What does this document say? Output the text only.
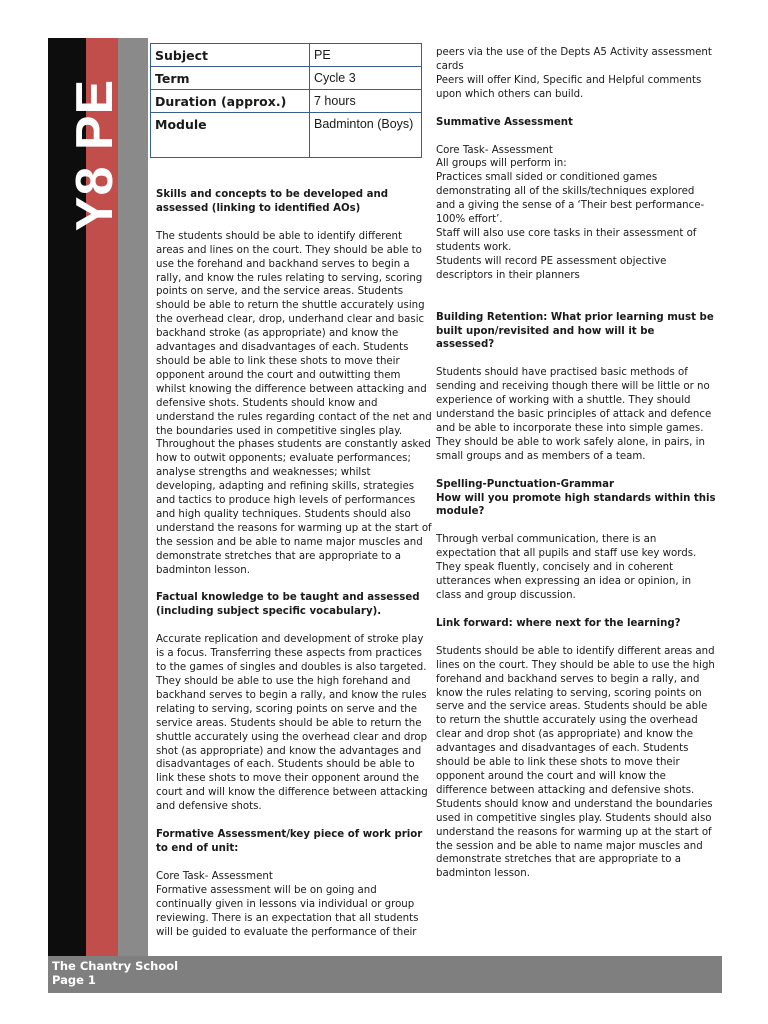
Y8 PE
Subject	PE
Term	Cycle 3
Duration (approx.)	7 hours
Module	Badminton (Boys)

Skills and concepts to be developed and assessed (linking to identified AOs)

The students should be able to identify different areas and lines on the court. They should be able to use the forehand and backhand serves to begin a rally, and know the rules relating to serving, scoring points on serve, and the service areas. Students should be able to return the shuttle accurately using the overhead clear, drop, underhand clear and basic backhand stroke (as appropriate) and know the advantages and disadvantages of each. Students should be able to link these shots to move their opponent around the court and outwitting them whilst knowing the difference between attacking and defensive shots. Students should know and understand the rules regarding contact of the net and the boundaries used in competitive singles play. Throughout the phases students are constantly asked how to outwit opponents; evaluate performances; analyse strengths and weaknesses; whilst developing, adapting and refining skills, strategies and tactics to produce high levels of performances and high quality techniques. Students should also understand the reasons for warming up at the start of the session and be able to name major muscles and demonstrate stretches that are appropriate to a badminton lesson.

Factual knowledge to be taught and assessed (including subject specific vocabulary).

Accurate replication and development of stroke play is a focus. Transferring these aspects from practices to the games of singles and doubles is also targeted. They should be able to use the high forehand and backhand serves to begin a rally, and know the rules relating to serving, scoring points on serve and the service areas. Students should be able to return the shuttle accurately using the overhead clear and drop shot (as appropriate) and know the advantages and disadvantages of each. Students should be able to link these shots to move their opponent around the court and will know the difference between attacking and defensive shots.

Formative Assessment/key piece of work prior to end of unit:

Core Task- Assessment
Formative assessment will be on going and continually given in lessons via individual or group reviewing. There is an expectation that all students will be guided to evaluate the performance of their

peers via the use of the Depts A5 Activity assessment cards
Peers will offer Kind, Specific and Helpful comments upon which others can build.

Summative Assessment

Core Task- Assessment
All groups will perform in:
Practices small sided or conditioned games demonstrating all of the skills/techniques explored and a giving the sense of a ‘Their best performance- 100% effort’.
Staff will also use core tasks in their assessment of students work.
Students will record PE assessment objective descriptors in their planners

Building Retention: What prior learning must be built upon/revisited and how will it be assessed?

Students should have practised basic methods of sending and receiving though there will be little or no experience of working with a shuttle. They should understand the basic principles of attack and defence and be able to incorporate these into simple games. They should be able to work safely alone, in pairs, in small groups and as members of a team.

Spelling-Punctuation-Grammar
How will you promote high standards within this module?

Through verbal communication, there is an expectation that all pupils and staff use key words. They speak fluently, concisely and in coherent utterances when expressing an idea or opinion, in class and group discussion.

Link forward: where next for the learning?

Students should be able to identify different areas and lines on the court. They should be able to use the high forehand and backhand serves to begin a rally, and know the rules relating to serving, scoring points on serve and the service areas. Students should be able to return the shuttle accurately using the overhead clear and drop shot (as appropriate) and know the advantages and disadvantages of each. Students should be able to link these shots to move their opponent around the court and will know the difference between attacking and defensive shots. Students should know and understand the boundaries used in competitive singles play. Students should also understand the reasons for warming up at the start of the session and be able to name major muscles and demonstrate stretches that are appropriate to a badminton lesson.

The Chantry School
Page 1
